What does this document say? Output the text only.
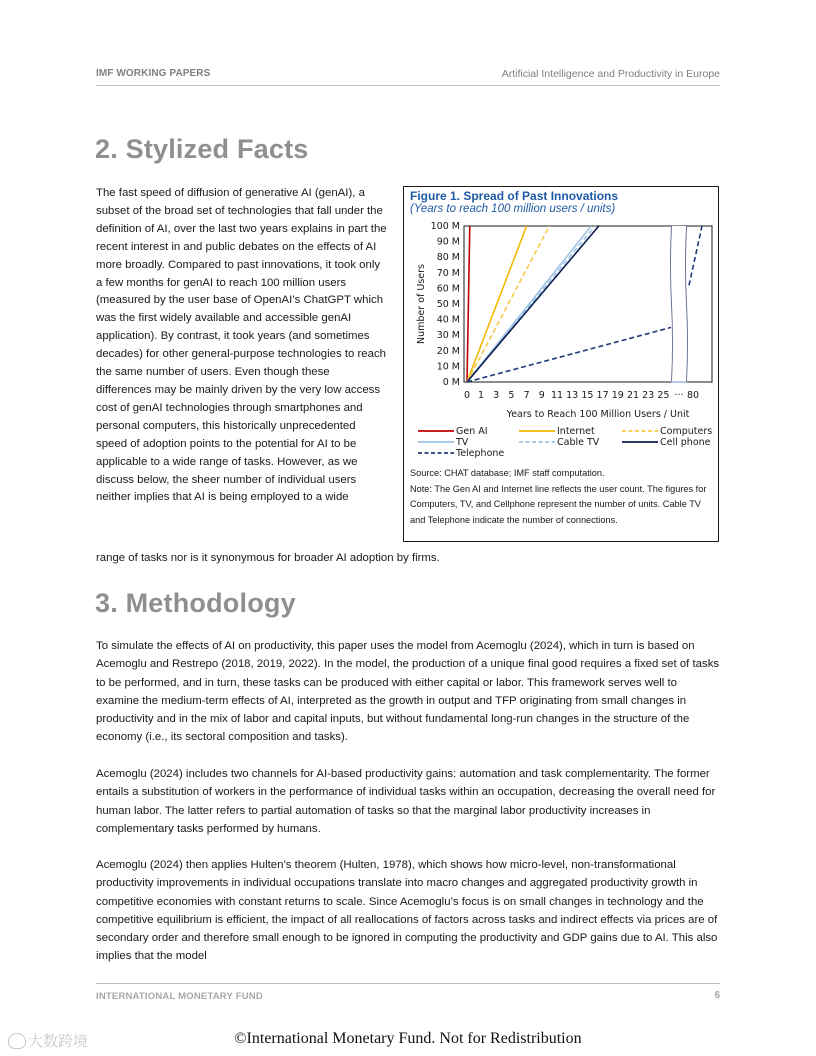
IMF WORKING PAPERS	Artificial Intelligence and Productivity in Europe
2. Stylized Facts

The fast speed of diffusion of generative AI (genAI), a subset of the broad set of technologies that fall under the definition of AI, over the last two years explains in part the recent interest in and public debates on the effects of AI more broadly. Compared to past innovations, it took only a few months for genAI to reach 100 million users (measured by the user base of OpenAI’s ChatGPT which was the first widely available and accessible genAI application). By contrast, it took years (and sometimes decades) for other general-purpose technologies to reach the same number of users. Even though these differences may be mainly driven by the very low access cost of genAI technologies through smartphones and personal computers, this historically unprecedented speed of adoption points to the potential for AI to be applicable to a wide range of tasks. However, as we discuss below, the sheer number of individual users neither implies that AI is being employed to a wide

range of tasks nor is it synonymous for broader AI adoption by firms.

Figure 1. Spread of Past Innovations
(Years to reach 100 million users / units)
0 M
10 M
20 M
30 M
40 M
50 M
60 M
70 M
80 M
90 M
100 M
0 1 3 5 7 9 11 13 15 17 19 21 23 25 ··· 80
Years to Reach 100 Million Users / Unit
Number of Users
Gen AI	Internet	Computers
TV	Cable TV	Cell phone
Telephone
Source: CHAT database; IMF staff computation.
Note: The Gen AI and Internet line reflects the user count. The figures for Computers, TV, and Cellphone represent the number of units. Cable TV and Telephone indicate the number of connections.
3. Methodology

To simulate the effects of AI on productivity, this paper uses the model from Acemoglu (2024), which in turn is based on Acemoglu and Restrepo (2018, 2019, 2022). In the model, the production of a unique final good requires a fixed set of tasks to be performed, and in turn, these tasks can be produced with either capital or labor. This framework serves well to examine the medium-term effects of AI, interpreted as the growth in output and TFP originating from small changes in productivity and in the mix of labor and capital inputs, but without fundamental long-run changes in the structure of the economy (i.e., its sectoral composition and tasks).

Acemoglu (2024) includes two channels for AI-based productivity gains: automation and task complementarity. The former entails a substitution of workers in the performance of individual tasks within an occupation, decreasing the overall need for human labor. The latter refers to partial automation of tasks so that the marginal labor productivity increases in complementary tasks performed by humans.

Acemoglu (2024) then applies Hulten’s theorem (Hulten, 1978), which shows how micro-level, non-transformational productivity improvements in individual occupations translate into macro changes and aggregated productivity growth in competitive economies with constant returns to scale. Since Acemoglu’s focus is on small changes in technology and the competitive equilibrium is efficient, the impact of all reallocations of factors across tasks and indirect effects via prices are of secondary order and therefore small enough to be ignored in computing the productivity and GDP gains due to AI. This also implies that the model

INTERNATIONAL MONETARY FUND	6
大数跨境	©International Monetary Fund. Not for Redistribution
